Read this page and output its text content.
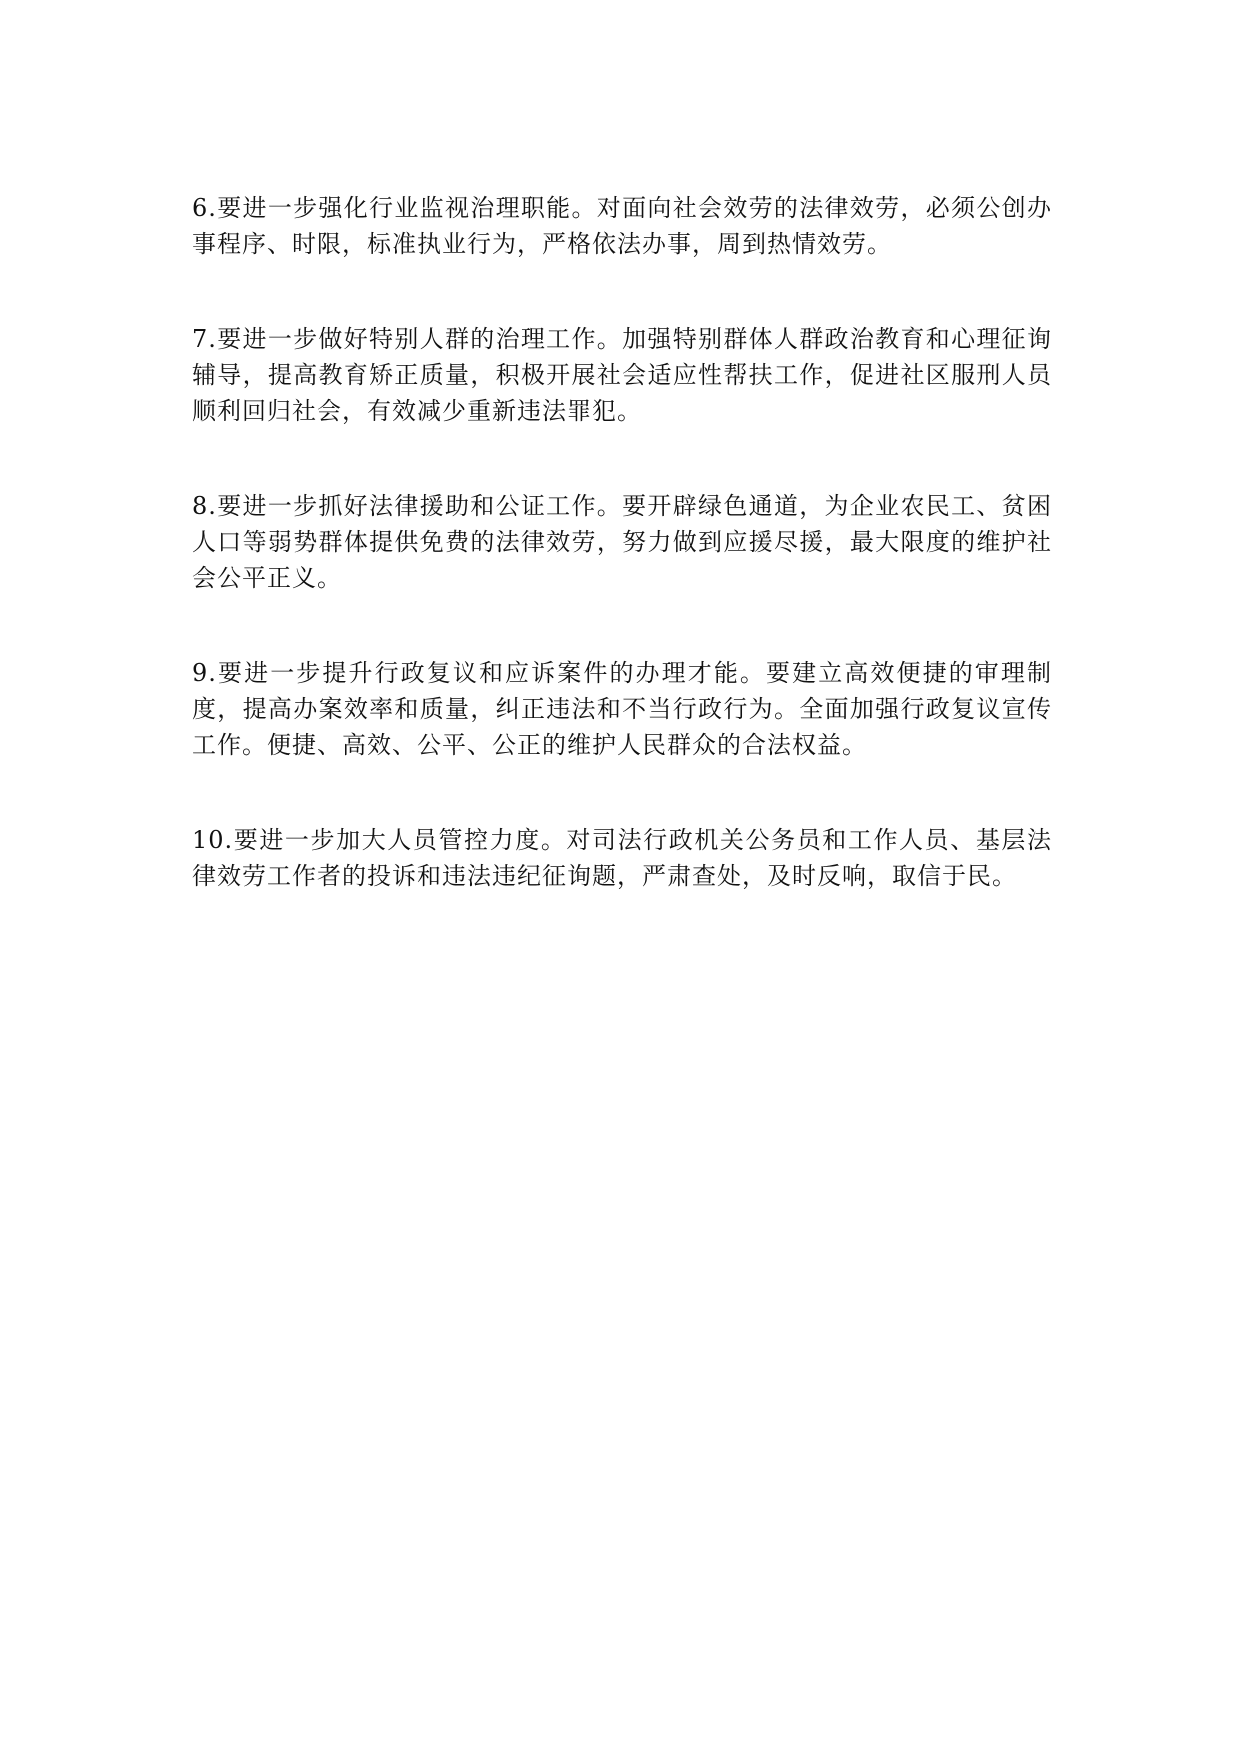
6.要进一步强化行业监视治理职能。对面向社会效劳的法律效劳，必须公创办事程序、时限，标准执业行为，严格依法办事，周到热情效劳。

7.要进一步做好特别人群的治理工作。加强特别群体人群政治教育和心理征询辅导，提高教育矫正质量，积极开展社会适应性帮扶工作，促进社区服刑人员顺利回归社会，有效减少重新违法罪犯。

8.要进一步抓好法律援助和公证工作。要开辟绿色通道，为企业农民工、贫困人口等弱势群体提供免费的法律效劳，努力做到应援尽援，最大限度的维护社会公平正义。

9.要进一步提升行政复议和应诉案件的办理才能。要建立高效便捷的审理制度，提高办案效率和质量，纠正违法和不当行政行为。全面加强行政复议宣传工作。便捷、高效、公平、公正的维护人民群众的合法权益。

10.要进一步加大人员管控力度。对司法行政机关公务员和工作人员、基层法律效劳工作者的投诉和违法违纪征询题，严肃查处，及时反响，取信于民。
